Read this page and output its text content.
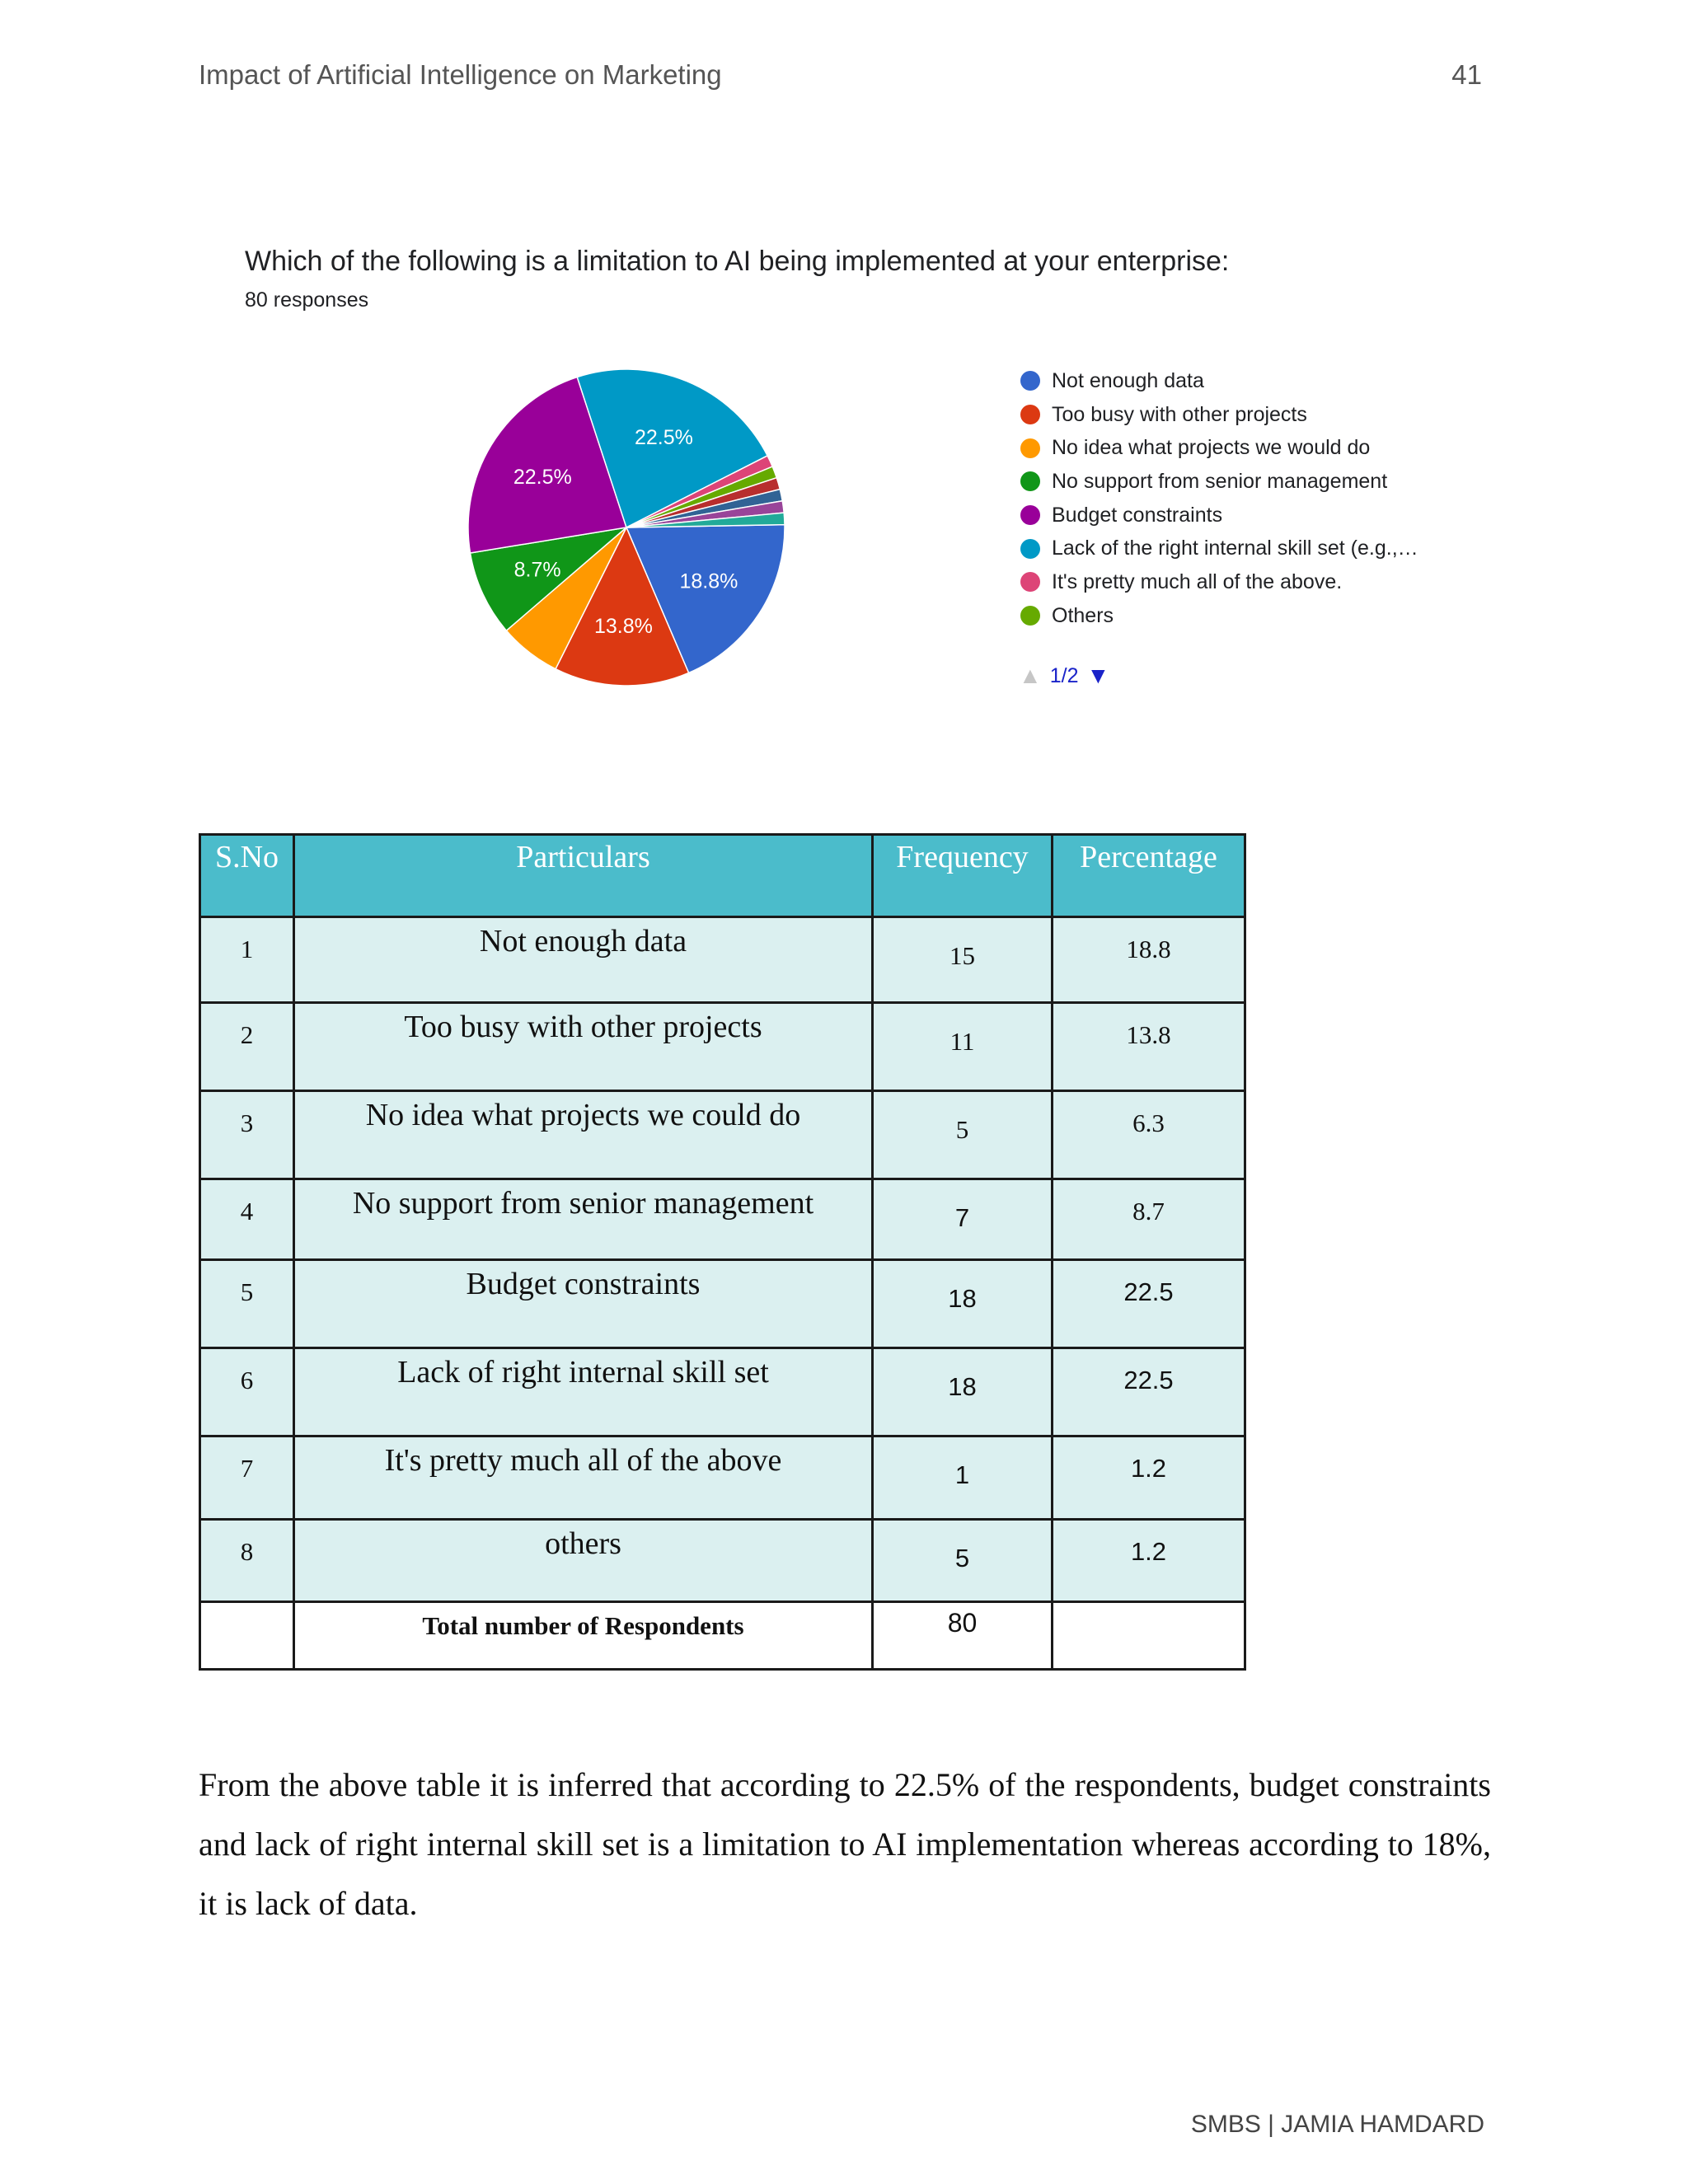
Impact of Artificial Intelligence on Marketing	41
Which of the following is a limitation to AI being implemented at your enterprise:
80 responses
18.8%
13.8%
8.7%
22.5%
22.5%
Not enough data
Too busy with other projects
No idea what projects we would do
No support from senior management
Budget constraints
Lack of the right internal skill set (e.g.,…
It's pretty much all of the above.
Others
▲ 1/2 ▼
S.No	Particulars	Frequency	Percentage
1	Not enough data	15	18.8
2	Too busy with other projects	11	13.8
3	No idea what projects we could do	5	6.3
4	No support from senior management	7	8.7
5	Budget constraints	18	22.5
6	Lack of right internal skill set	18	22.5
7	It's pretty much all of the above	1	1.2
8	others	5	1.2
	Total number of Respondents	80	

From the above table it is inferred that according to 22.5% of the respondents, budget constraints and lack of right internal skill set is a limitation to AI implementation whereas according to 18%, it is lack of data.

SMBS | JAMIA HAMDARD
